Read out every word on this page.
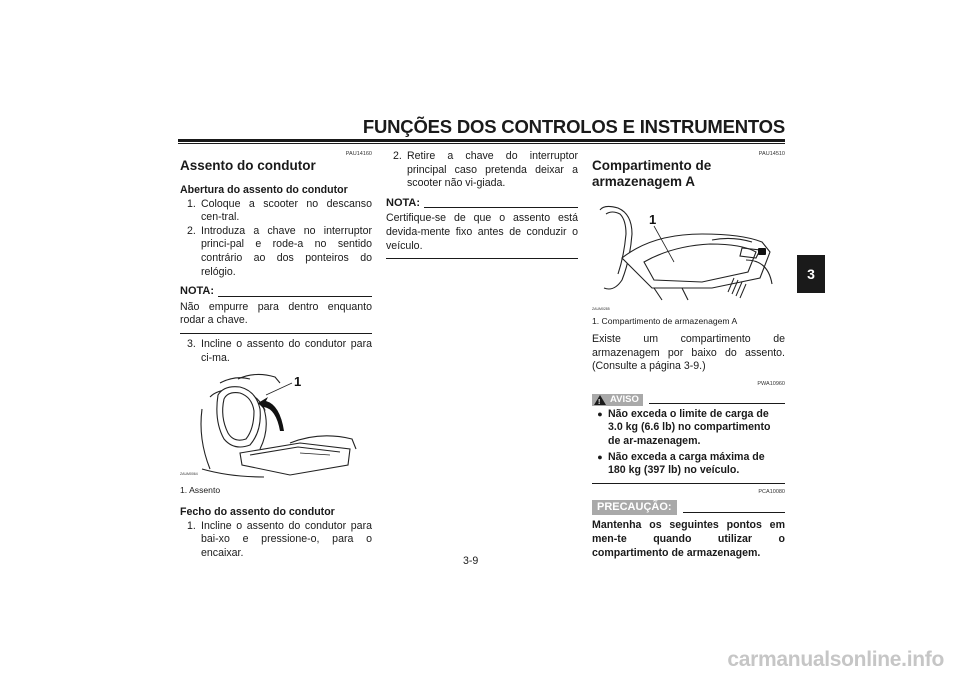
FUNÇÕES DOS CONTROLOS E INSTRUMENTOS
3
PAU14160
Assento do condutor
Abertura do assento do condutor
1. Coloque a scooter no descanso cen-tral.
2. Introduza a chave no interruptor princi-pal e rode-a no sentido contrário ao dos ponteiros do relógio.
NOTA:
Não empurre para dentro enquanto rodar a chave.
3. Incline o assento do condutor para ci-ma.
1
ZAUM0064
1. Assento
Fecho do assento do condutor
1. Incline o assento do condutor para bai-xo e pressione-o, para o encaixar.
2. Retire a chave do interruptor principal caso pretenda deixar a scooter não vi-giada.
NOTA:
Certifique-se de que o assento está devida-mente fixo antes de conduzir o veículo.
PAU14510
Compartimento de armazenagem A
1
ZAUM0285
1. Compartimento de armazenagem A
Existe um compartimento de armazenagem por baixo do assento. (Consulte a página 3-9.)
PWA10960
! AVISO
● Não exceda o limite de carga de 3.0 kg (6.6 lb) no compartimento de ar-mazenagem.
● Não exceda a carga máxima de 180 kg (397 lb) no veículo.
PCA10080
PRECAUÇÃO:
Mantenha os seguintes pontos em men-te quando utilizar o compartimento de armazenagem.
3-9
carmanualsonline.info
